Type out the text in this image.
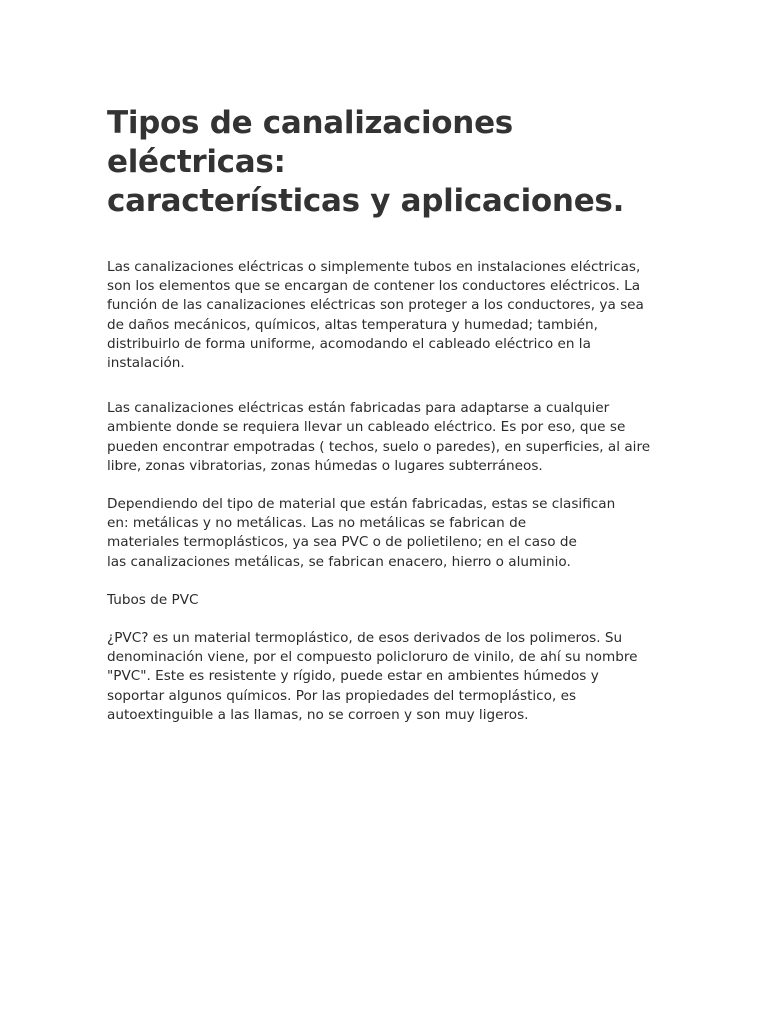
Tipos de canalizaciones eléctricas:
características y aplicaciones.

Las canalizaciones eléctricas o simplemente tubos en instalaciones eléctricas,
son los elementos que se encargan de contener los conductores eléctricos. La
función de las canalizaciones eléctricas son proteger a los conductores, ya sea
de daños mecánicos, químicos, altas temperatura y humedad; también,
distribuirlo de forma uniforme, acomodando el cableado eléctrico en la
instalación.

Las canalizaciones eléctricas están fabricadas para adaptarse a cualquier
ambiente donde se requiera llevar un cableado eléctrico. Es por eso, que se
pueden encontrar empotradas ( techos, suelo o paredes), en superficies, al aire
libre, zonas vibratorias, zonas húmedas o lugares subterráneos.

Dependiendo del tipo de material que están fabricadas, estas se clasifican
en: metálicas y no metálicas. Las no metálicas se fabrican de
materiales termoplásticos, ya sea PVC o de polietileno; en el caso de
las canalizaciones metálicas, se fabrican enacero, hierro o aluminio.

Tubos de PVC

¿PVC? es un material termoplástico, de esos derivados de los polimeros. Su
denominación viene, por el compuesto policloruro de vinilo, de ahí su nombre
"PVC". Este es resistente y rígido, puede estar en ambientes húmedos y
soportar algunos químicos. Por las propiedades del termoplástico, es
autoextinguible a las llamas, no se corroen y son muy ligeros.
